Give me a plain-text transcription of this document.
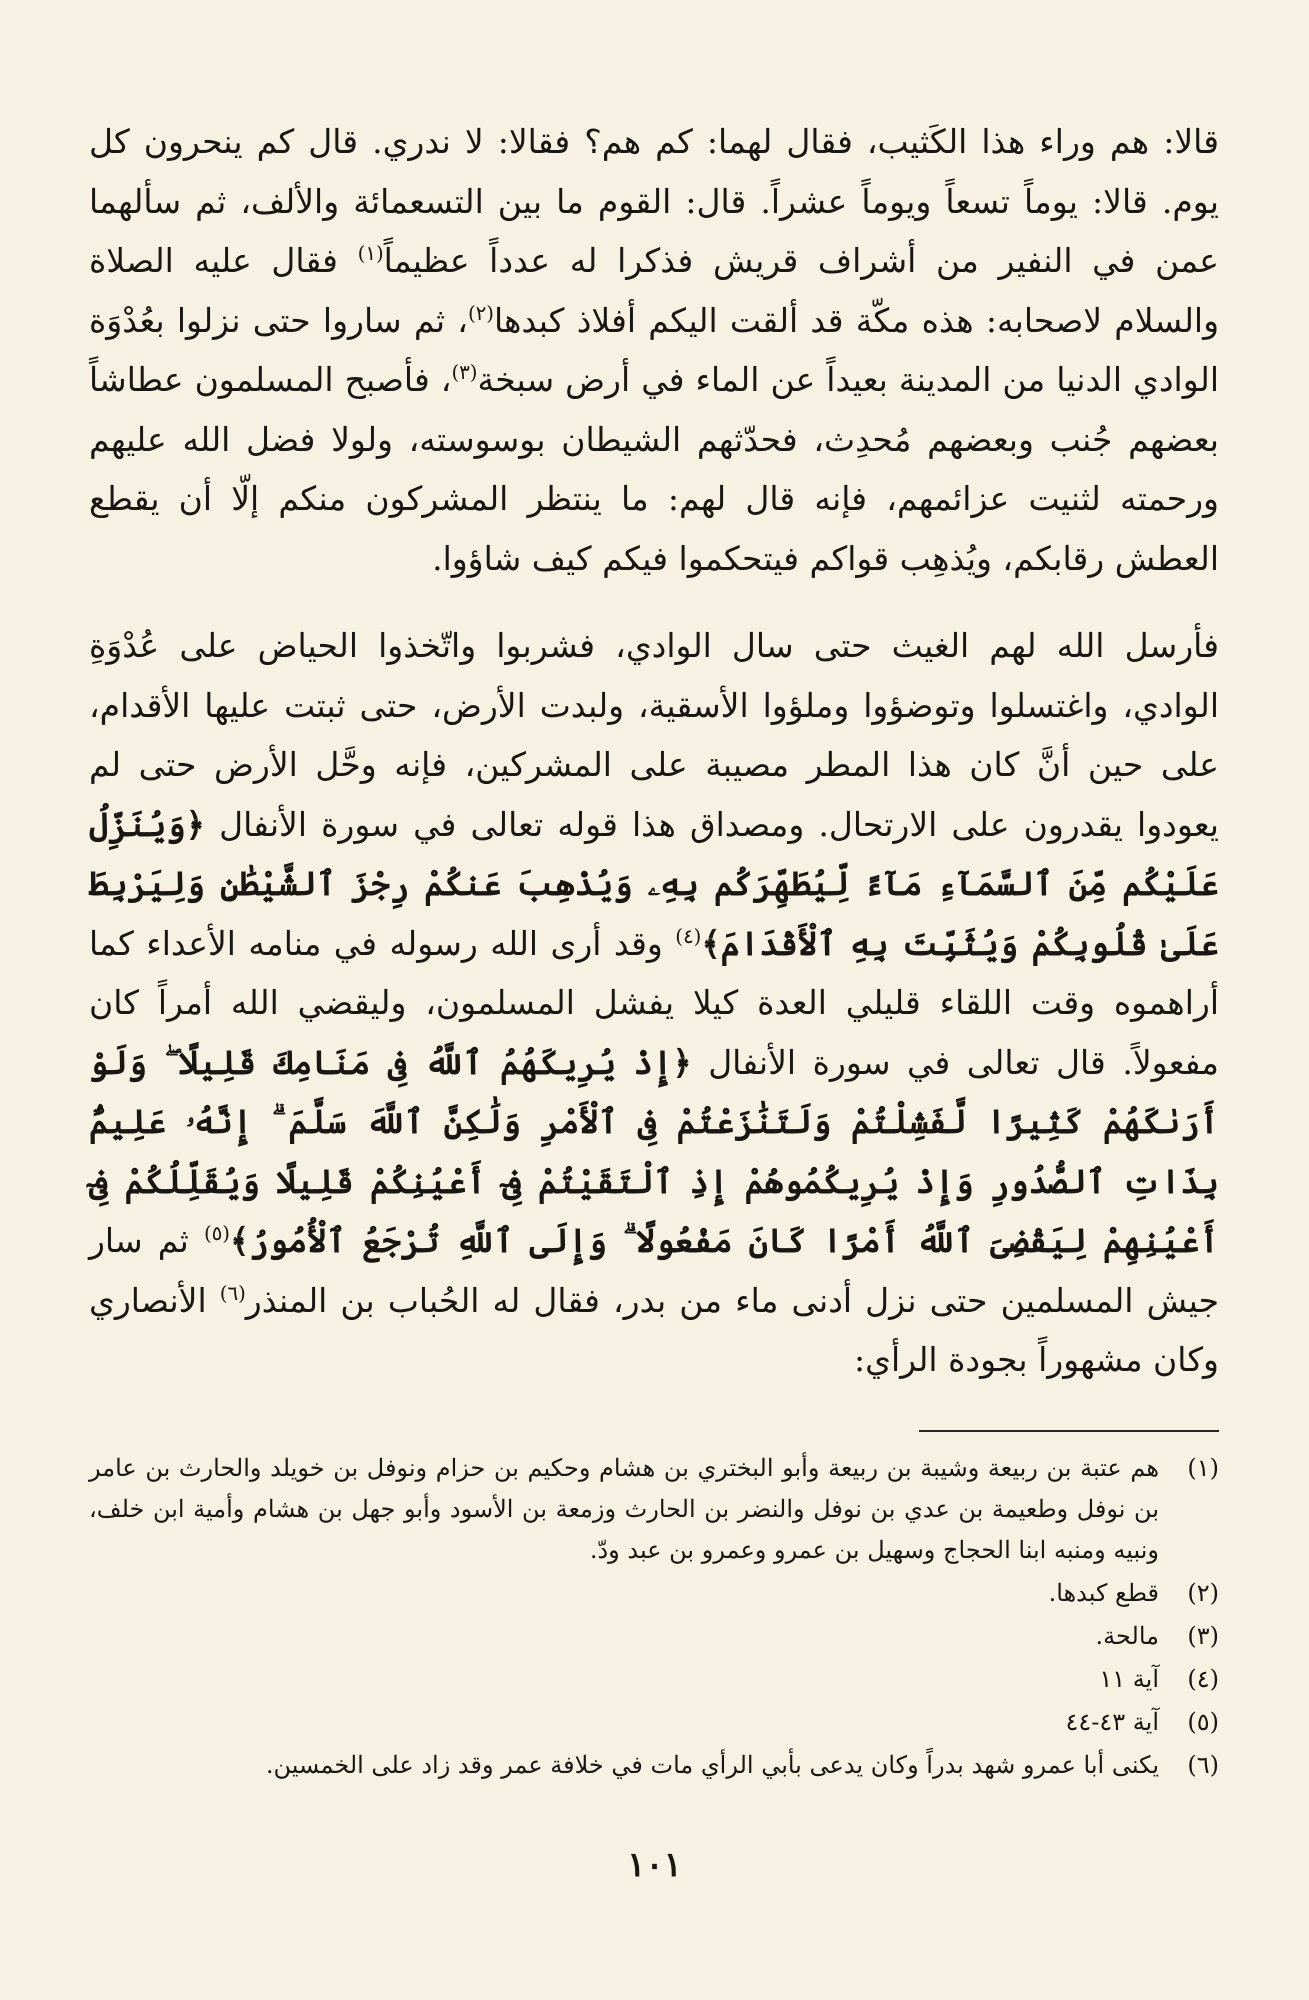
قالا: هم وراء هذا الكَثيب، فقال لهما: كم هم؟ فقالا: لا ندري. قال كم ينحرون كل يوم. قالا: يوماً تسعاً ويوماً عشراً. قال: القوم ما بين التسعمائة والألف، ثم سألهما عمن في النفير من أشراف قريش فذكرا له عدداً عظيماً$^{(١)}$ فقال عليه الصلاة والسلام لاصحابه: هذه مكّة قد ألقت اليكم أفلاذ كبدها$^{(٢)}$، ثم ساروا حتى نزلوا بعُدْوَة الوادي الدنيا من المدينة بعيداً عن الماء في أرض سبخة$^{(٣)}$، فأصبح المسلمون عطاشاً بعضهم جُنب وبعضهم مُحدِث، فحدّثهم الشيطان بوسوسته، ولولا فضل الله عليهم ورحمته لثنيت عزائمهم، فإنه قال لهم: ما ينتظر المشركون منكم إلّا أن يقطع العطش رقابكم، ويُذهِب قواكم فيتحكموا فيكم كيف شاؤوا.

فأرسل الله لهم الغيث حتى سال الوادي، فشربوا واتّخذوا الحياض على عُدْوَةِ الوادي، واغتسلوا وتوضؤوا وملؤوا الأسقية، ولبدت الأرض، حتى ثبتت عليها الأقدام، على حين أنَّ كان هذا المطر مصيبة على المشركين، فإنه وحَّل الأرض حتى لم يعودوا يقدرون على الارتحال. ومصداق هذا قوله تعالى في سورة الأنفال ﴿وَيُنَزِّلُ عَلَيْكُم مِّنَ ٱلسَّمَآءِ مَآءً لِّيُطَهِّرَكُم بِهِۦ وَيُذْهِبَ عَنكُمْ رِجْزَ ٱلشَّيْطَٰنِ وَلِيَرْبِطَ عَلَىٰ قُلُوبِكُمْ وَيُثَبِّتَ بِهِ ٱلْأَقْدَامَ﴾$^{(٤)}$ وقد أرى الله رسوله في منامه الأعداء كما أراهموه وقت اللقاء قليلي العدة كيلا يفشل المسلمون، وليقضي الله أمراً كان مفعولاً. قال تعالى في سورة الأنفال ﴿إِذْ يُرِيكَهُمُ ٱللَّهُ فِى مَنَامِكَ قَلِيلًا ۖ وَلَوْ أَرَىٰكَهُمْ كَثِيرًا لَّفَشِلْتُمْ وَلَتَنَٰزَعْتُمْ فِى ٱلْأَمْرِ وَلَٰكِنَّ ٱللَّهَ سَلَّمَ ۗ إِنَّهُۥ عَلِيمٌۢ بِذَاتِ ٱلصُّدُورِ وَإِذْ يُرِيكُمُوهُمْ إِذِ ٱلْتَقَيْتُمْ فِىٓ أَعْيُنِكُمْ قَلِيلًا وَيُقَلِّلُكُمْ فِىٓ أَعْيُنِهِمْ لِيَقْضِىَ ٱللَّهُ أَمْرًا كَانَ مَفْعُولًا ۗ وَإِلَى ٱللَّهِ تُرْجَعُ ٱلْأُمُورُ﴾$^{(٥)}$ ثم سار جيش المسلمين حتى نزل أدنى ماء من بدر، فقال له الحُباب بن المنذر$^{(٦)}$ الأنصاري وكان مشهوراً بجودة الرأي:

(١)
هم عتبة بن ربيعة وشيبة بن ربيعة وأبو البختري بن هشام وحكيم بن حزام ونوفل بن خويلد والحارث بن عامر بن نوفل وطعيمة بن عدي بن نوفل والنضر بن الحارث وزمعة بن الأسود وأبو جهل بن هشام وأمية ابن خلف، ونبيه ومنبه ابنا الحجاج وسهيل بن عمرو وعمرو بن عبد ودّ.
(٢)
قطع كبدها.
(٣)
مالحة.
(٤)
آية ١١
(٥)
آية ٤٣-٤٤
(٦)
يكنى أبا عمرو شهد بدراً وكان يدعى بأبي الرأي مات في خلافة عمر وقد زاد على الخمسين.
١٠١
